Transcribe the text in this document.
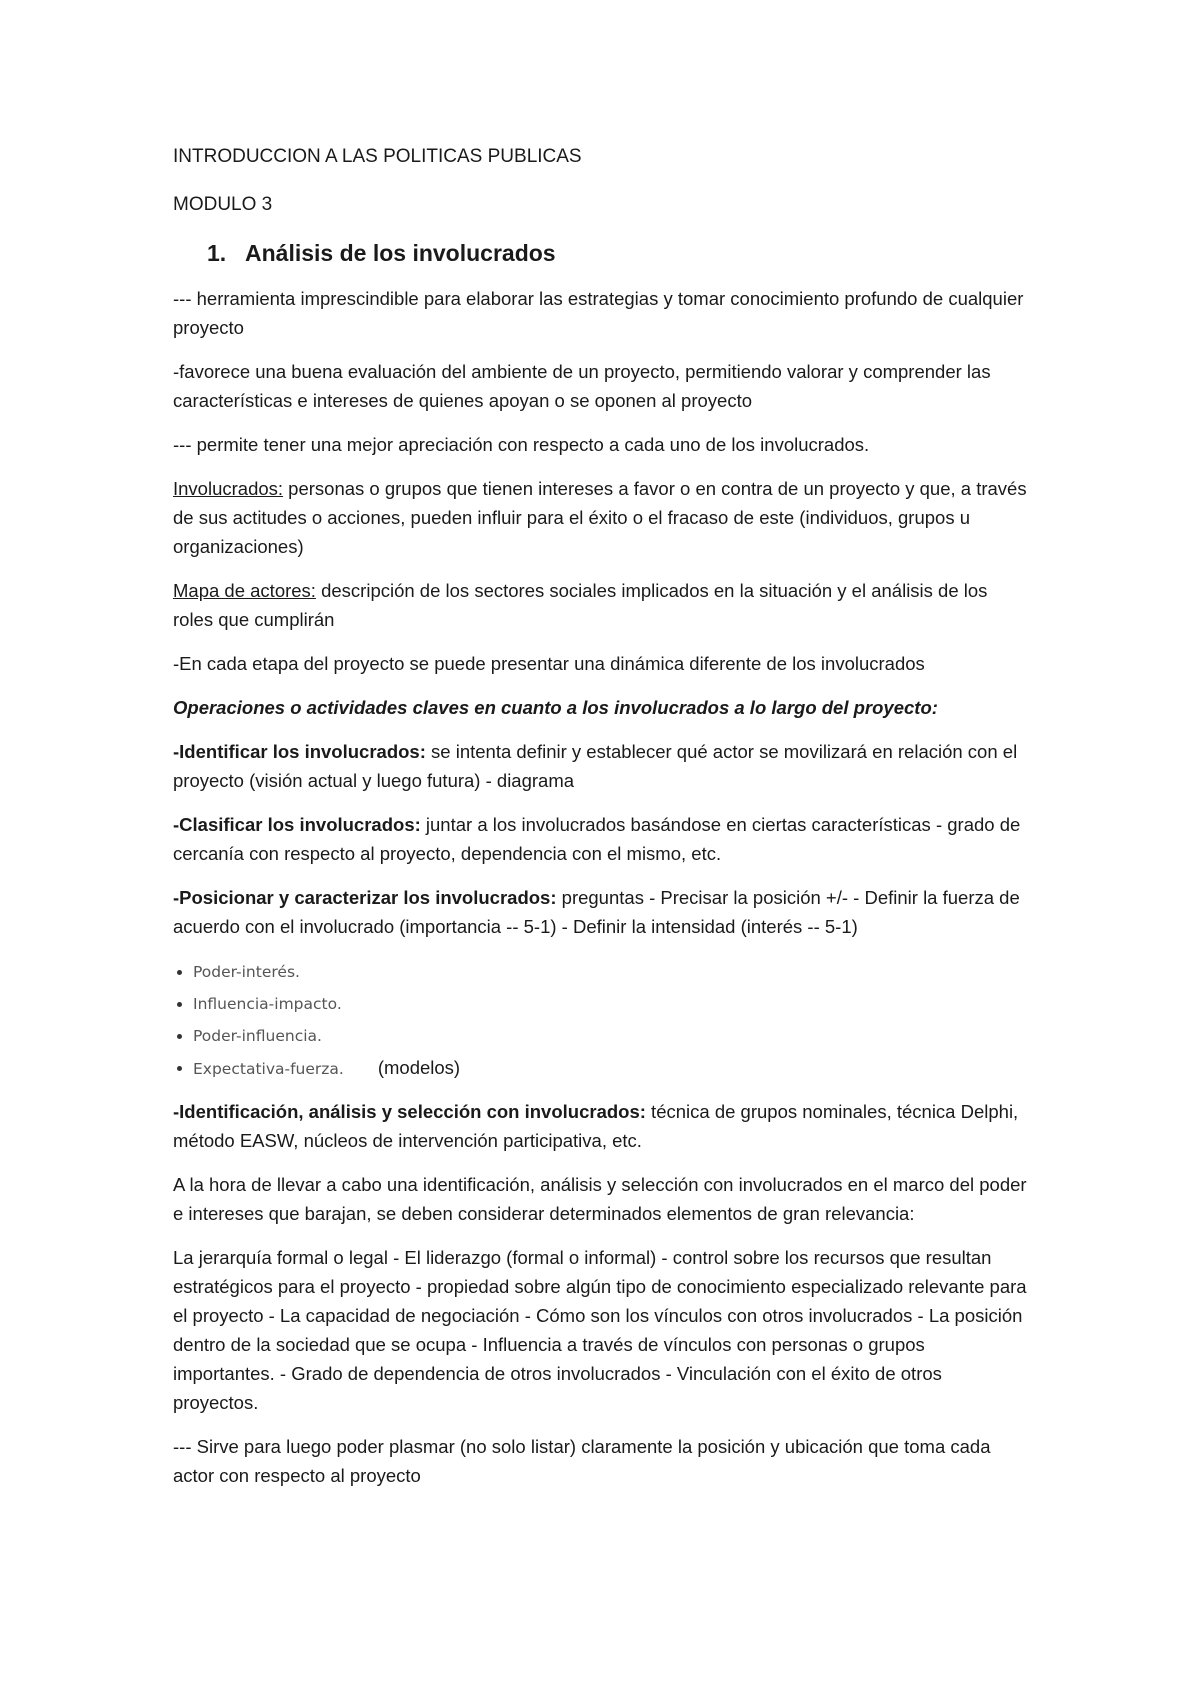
INTRODUCCION A LAS POLITICAS PUBLICAS
MODULO 3
1. Análisis de los involucrados

--- herramienta imprescindible para elaborar las estrategias y tomar conocimiento profundo de cualquier proyecto

-favorece una buena evaluación del ambiente de un proyecto, permitiendo valorar y comprender las características e intereses de quienes apoyan o se oponen al proyecto

--- permite tener una mejor apreciación con respecto a cada uno de los involucrados.

Involucrados: personas o grupos que tienen intereses a favor o en contra de un proyecto y que, a través de sus actitudes o acciones, pueden influir para el éxito o el fracaso de este (individuos, grupos u organizaciones)

Mapa de actores: descripción de los sectores sociales implicados en la situación y el análisis de los roles que cumplirán

-En cada etapa del proyecto se puede presentar una dinámica diferente de los involucrados

Operaciones o actividades claves en cuanto a los involucrados a lo largo del proyecto:

-Identificar los involucrados: se intenta definir y establecer qué actor se movilizará en relación con el proyecto (visión actual y luego futura) - diagrama

-Clasificar los involucrados: juntar a los involucrados basándose en ciertas características - grado de cercanía con respecto al proyecto, dependencia con el mismo, etc.

-Posicionar y caracterizar los involucrados: preguntas - Precisar la posición +/- - Definir la fuerza de acuerdo con el involucrado (importancia -- 5-1) - Definir la intensidad (interés -- 5-1)

Poder-interés.
Influencia-impacto.
Poder-influencia.
Expectativa-fuerza. (modelos)

-Identificación, análisis y selección con involucrados: técnica de grupos nominales, técnica Delphi, método EASW, núcleos de intervención participativa, etc.

A la hora de llevar a cabo una identificación, análisis y selección con involucrados en el marco del poder e intereses que barajan, se deben considerar determinados elementos de gran relevancia:

La jerarquía formal o legal - El liderazgo (formal o informal) - control sobre los recursos que resultan estratégicos para el proyecto - propiedad sobre algún tipo de conocimiento especializado relevante para el proyecto - La capacidad de negociación - Cómo son los vínculos con otros involucrados - La posición dentro de la sociedad que se ocupa - Influencia a través de vínculos con personas o grupos importantes. - Grado de dependencia de otros involucrados - Vinculación con el éxito de otros proyectos.

--- Sirve para luego poder plasmar (no solo listar) claramente la posición y ubicación que toma cada actor con respecto al proyecto
